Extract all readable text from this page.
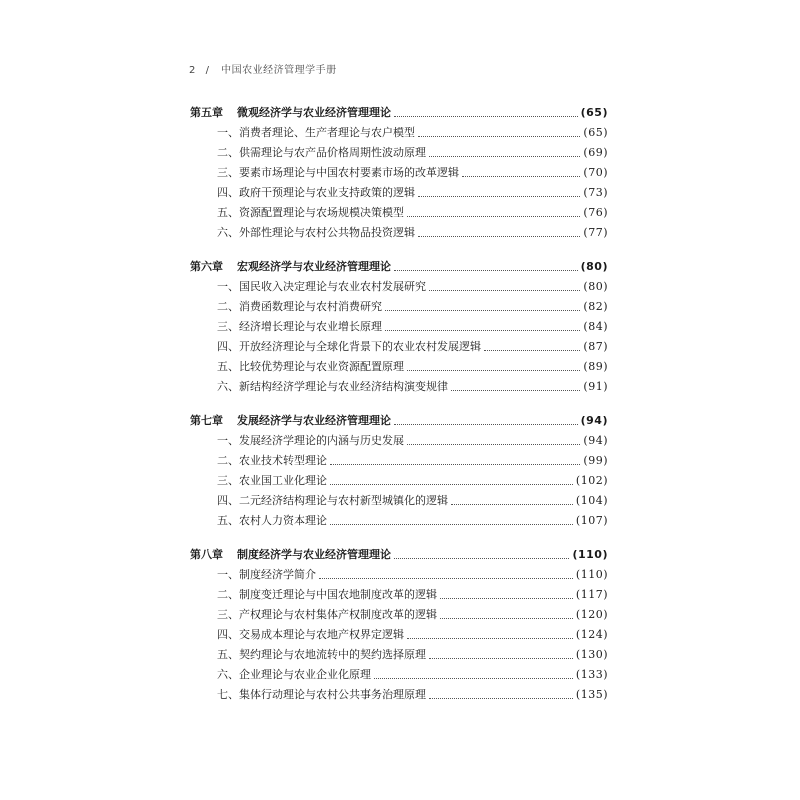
2 / 中国农业经济管理学手册
第五章 微观经济学与农业经济管理理论	(65)
一、消费者理论、生产者理论与农户模型	(65)
二、供需理论与农产品价格周期性波动原理	(69)
三、要素市场理论与中国农村要素市场的改革逻辑	(70)
四、政府干预理论与农业支持政策的逻辑	(73)
五、资源配置理论与农场规模决策模型	(76)
六、外部性理论与农村公共物品投资逻辑	(77)
第六章 宏观经济学与农业经济管理理论	(80)
一、国民收入决定理论与农业农村发展研究	(80)
二、消费函数理论与农村消费研究	(82)
三、经济增长理论与农业增长原理	(84)
四、开放经济理论与全球化背景下的农业农村发展逻辑	(87)
五、比较优势理论与农业资源配置原理	(89)
六、新结构经济学理论与农业经济结构演变规律	(91)
第七章 发展经济学与农业经济管理理论	(94)
一、发展经济学理论的内涵与历史发展	(94)
二、农业技术转型理论	(99)
三、农业国工业化理论	(102)
四、二元经济结构理论与农村新型城镇化的逻辑	(104)
五、农村人力资本理论	(107)
第八章 制度经济学与农业经济管理理论	(110)
一、制度经济学简介	(110)
二、制度变迁理论与中国农地制度改革的逻辑	(117)
三、产权理论与农村集体产权制度改革的逻辑	(120)
四、交易成本理论与农地产权界定逻辑	(124)
五、契约理论与农地流转中的契约选择原理	(130)
六、企业理论与农业企业化原理	(133)
七、集体行动理论与农村公共事务治理原理	(135)
